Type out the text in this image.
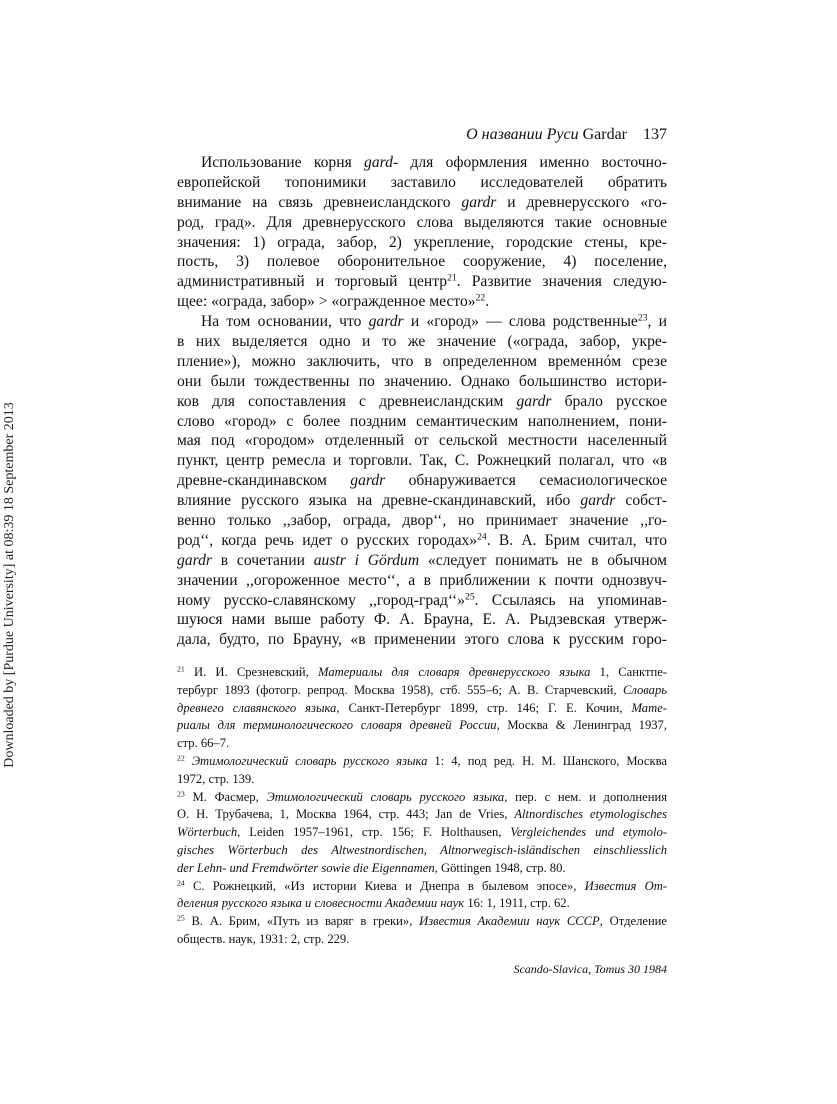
Downloaded by [Purdue University] at 08:39 18 September 2013
О названии Руси Gardar 137
Использование корня gard- для оформления именно восточно-
европейской топонимики заставило исследователей обратить
внимание на связь древнеисландского gardr и древнерусского «го-
род, град». Для древнерусского слова выделяются такие основные
значения: 1) ограда, забор, 2) укрепление, городские стены, кре-
пость, 3) полевое оборонительное сооружение, 4) поселение,
административный и торговый центр$^{21}$. Развитие значения следую-
щее: «ограда, забор» > «огражденное место»$^{22}$.
На том основании, что gardr и «город» — слова родственные$^{23}$, и
в них выделяется одно и то же значение («ограда, забор, укре-
пление»), можно заключить, что в определенном временнóм срезе
они были тождественны по значению. Однако большинство истори-
ков для сопоставления с древнеисландским gardr брало русское
слово «город» с более поздним семантическим наполнением, пони-
мая под «городом» отделенный от сельской местности населенный
пункт, центр ремесла и торговли. Так, С. Рожнецкий полагал, что «в
древне-скандинавском gardr обнаруживается семасиологическое
влияние русского языка на древне-скандинавский, ибо gardr собст-
венно только ,,забор, ограда, двор‘‘, но принимает значение ,,го-
род‘‘, когда речь идет о русских городах»$^{24}$. В. А. Брим считал, что
gardr в сочетании austr i Gördum «следует понимать не в обычном
значении ,,огороженное место‘‘, а в приближении к почти однозвуч-
ному русско-славянскому ,,город-град‘‘»$^{25}$. Ссылаясь на упоминав-
шуюся нами выше работу Ф. А. Брауна, Е. А. Рыдзевская утверж-
дала, будто, по Брауну, «в применении этого слова к русским горо-
$^{21}$ И. И. Срезневский, Материалы для словаря древнерусского языка 1, Санктпе-
тербург 1893 (фотогр. репрод. Москва 1958), стб. 555–6; А. В. Старчевский, Словарь
древнего славянского языка, Санкт-Петербург 1899, стр. 146; Г. Е. Кочин, Мате-
риалы для терминологического словаря древней России, Москва & Ленинград 1937,
стр. 66–7.
$^{22}$ Этимологический словарь русского языка 1: 4, под ред. Н. М. Шанского, Москва
1972, стр. 139.
$^{23}$ М. Фасмер, Этимологический словарь русского языка, пер. с нем. и дополнения
О. Н. Трубачева, 1, Москва 1964, стр. 443; Jan de Vries, Altnordisches etymologisches
Wörterbuch, Leiden 1957–1961, стр. 156; F. Holthausen, Vergleichendes und etymolo-
gisches Wörterbuch des Altwestnordischen, Altnorwegisch-isländischen einschliesslich
der Lehn- und Fremdwörter sowie die Eigennamen, Göttingen 1948, стр. 80.
$^{24}$ С. Рожнецкий, «Из истории Киева и Днепра в былевом эпосе», Известия От-
деления русского языка и словесности Академии наук 16: 1, 1911, стр. 62.
$^{25}$ В. А. Брим, «Путь из варяг в греки», Известия Академии наук СССР, Отделение
обществ. наук, 1931: 2, стр. 229.
Scando-Slavica, Tomus 30 1984
